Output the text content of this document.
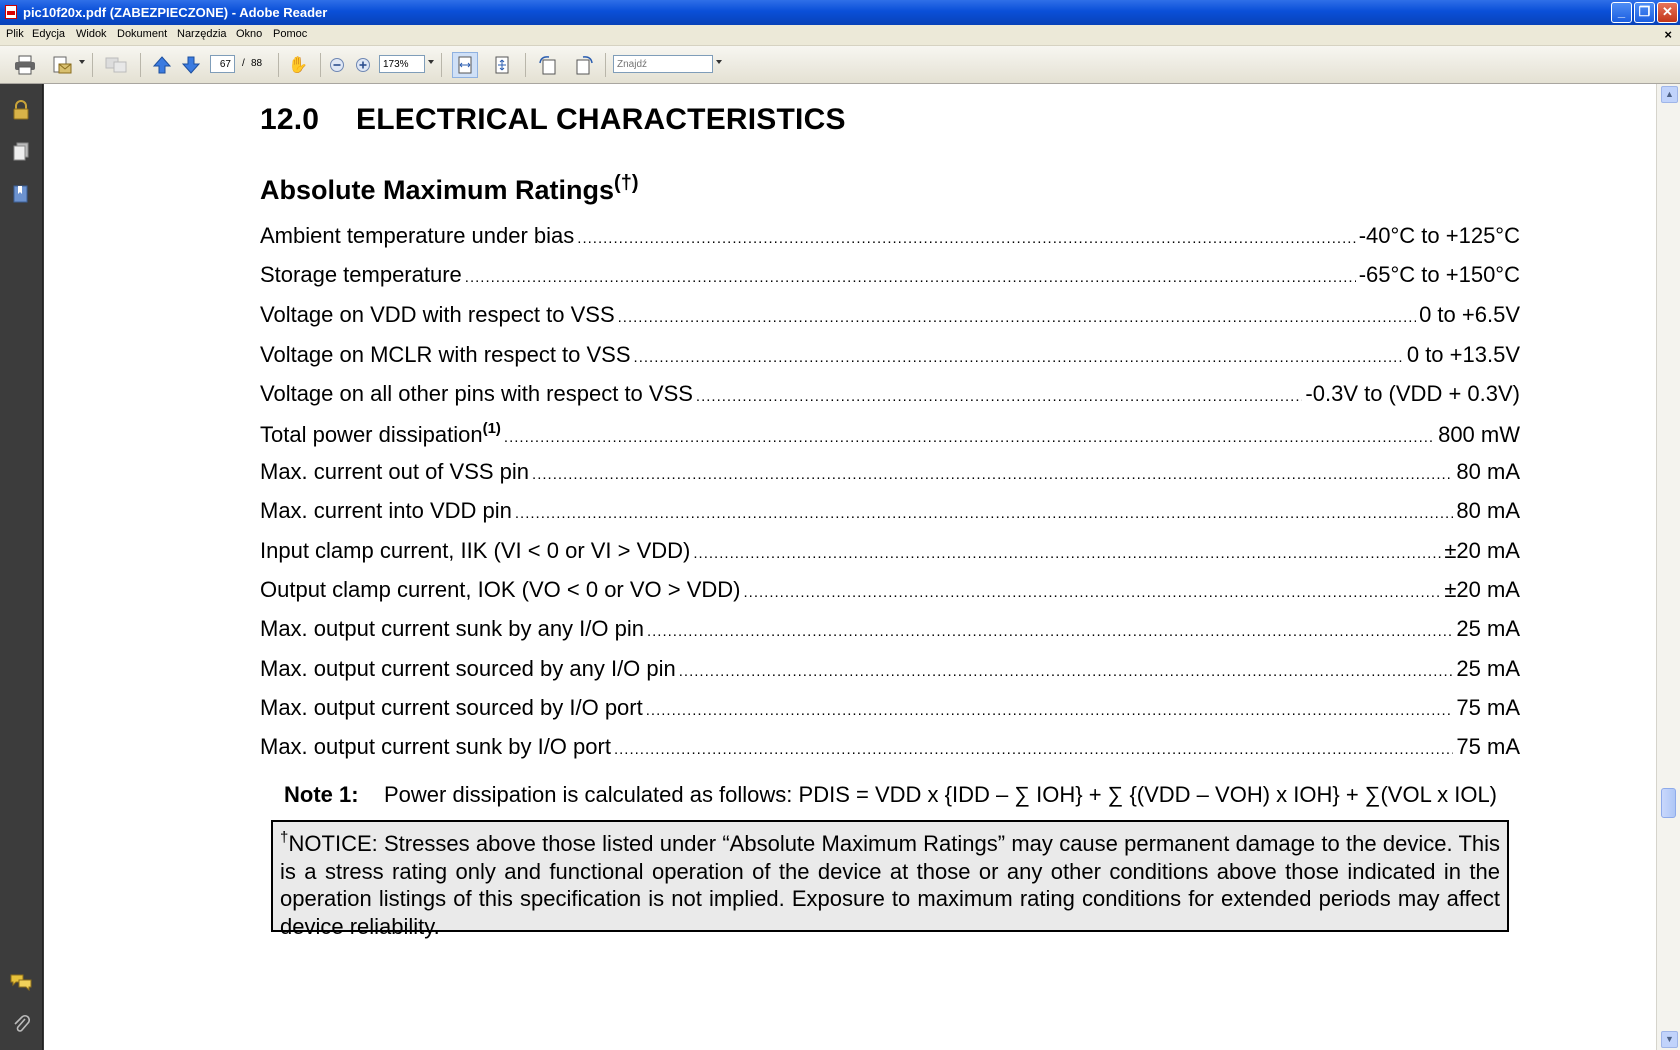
pic10f20x.pdf (ZABEZPIECZONE) - Adobe Reader	_	❐ ✕
Plik Edycja Widok Dokument Narzędzia Okno Pomoc	×
67
/ 88 ✋
173%
Znajdź
12.0 ELECTRICAL CHARACTERISTICS
Absolute Maximum Ratings(†)
Ambient temperature under bias .....	-40°C to +125°C
Storage temperature .....	-65°C to +150°C
Voltage on VDD with respect to VSS .....	0 to +6.5V
Voltage on MCLR with respect to VSS .....	0 to +13.5V
Voltage on all other pins with respect to VSS .....	-0.3V to (VDD + 0.3V)
Total power dissipation$^{(1)}$ .....	800 mW
Max. current out of VSS pin .....	80 mA
Max. current into VDD pin .....	80 mA
Input clamp current, IIK (VI < 0 or VI > VDD) .....	±20 mA
Output clamp current, IOK (VO < 0 or VO > VDD) .....	±20 mA
Max. output current sunk by any I/O pin .....	25 mA
Max. output current sourced by any I/O pin .....	25 mA
Max. output current sourced by I/O port .....	75 mA
Max. output current sunk by I/O port .....	75 mA
Note 1: Power dissipation is calculated as follows: PDIS = VDD x {IDD – ∑ IOH} + ∑ {(VDD – VOH) x IOH} + ∑(VOL x IOL)
†NOTICE: Stresses above those listed under “Absolute Maximum Ratings” may cause permanent damage to the device. This is a stress rating only and functional operation of the device at those or any other conditions above those indicated in the operation listings of this specification is not implied. Exposure to maximum rating conditions for extended periods may affect device reliability.
▲
▼
